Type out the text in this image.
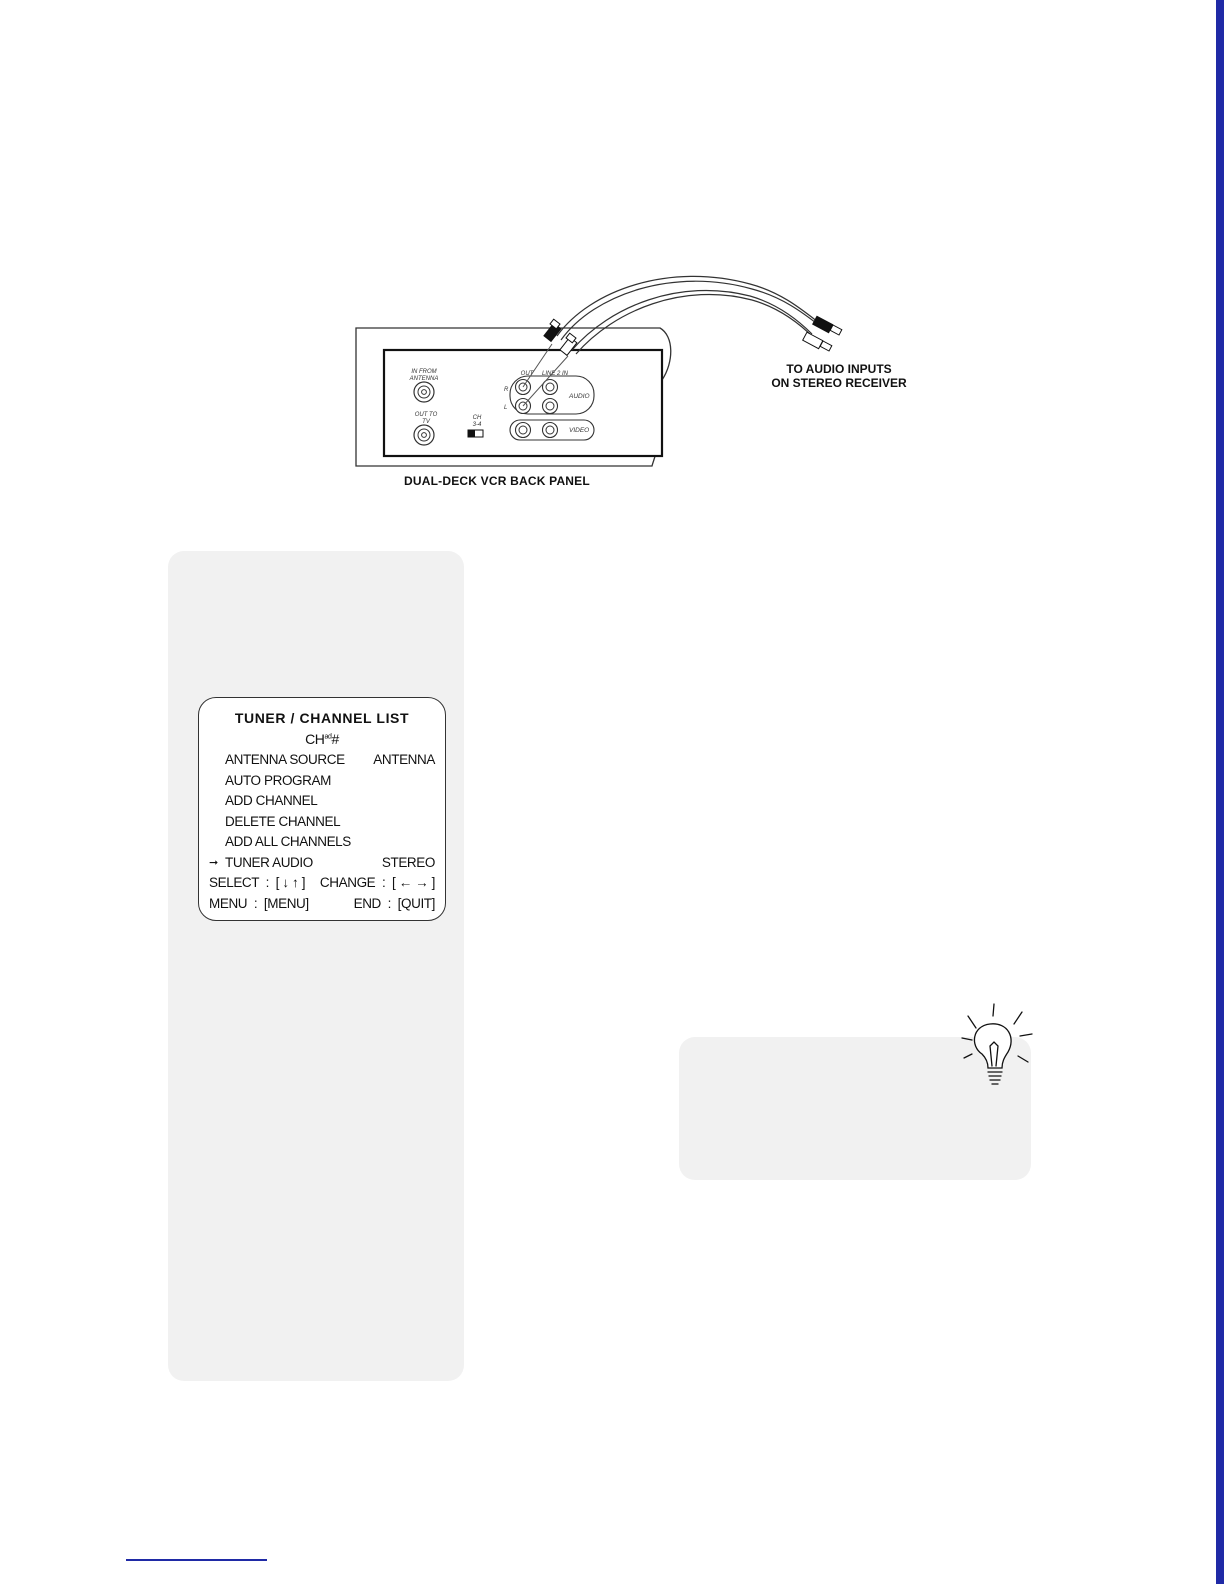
IN FROM
ANTENNA
OUT TO
TV
CH
3-4
OUT LINE 2 IN
R
L
AUDIO
VIDEO
TO AUDIO INPUTS
ON STEREO RECEIVER
DUAL-DECK VCR BACK PANEL
TUNER / CHANNEL LIST
$CH^{ad}\#$
ANTENNA SOURCE ANTENNA
AUTO PROGRAM
ADD CHANNEL
DELETE CHANNEL
ADD ALL CHANNELS
➞ TUNER AUDIO	STEREO
SELECT  :  [ ↓ ↑ ] CHANGE  :  [ ← → ]
MENU  :  [MENU]	END  :  [QUIT]
